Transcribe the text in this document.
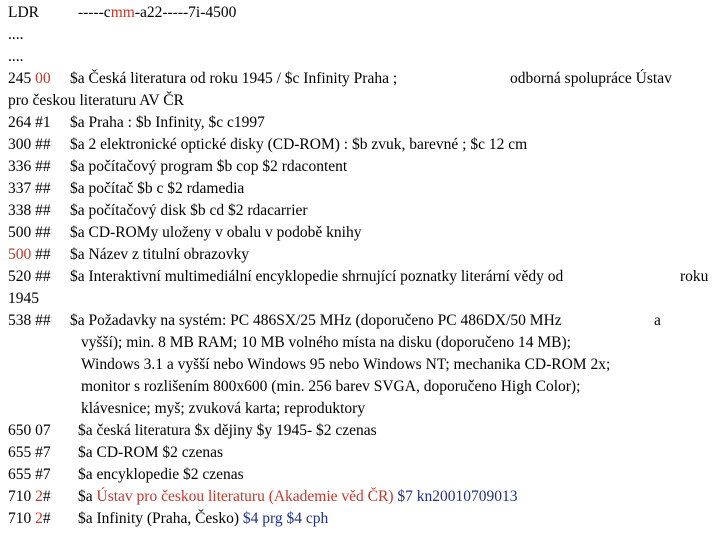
LDR	-----cmm-a22-----7i-4500
....
....
245 00 $a Česká literatura od roku 1945 / $c Infinity Praha ;	odborná spolupráce Ústav
pro českou literaturu AV ČR
264 #1 $a Praha : $b Infinity, $c c1997
300 ## $a 2 elektronické optické disky (CD-ROM) : $b zvuk, barevné ; $c 12 cm
336 ## $a počítačový program $b cop $2 rdacontent
337 ## $a počítač $b c $2 rdamedia
338 ## $a počítačový disk $b cd $2 rdacarrier
500 ## $a CD-ROMy uloženy v obalu v podobě knihy
500 ## $a Název z titulní obrazovky
520 ## $a Interaktivní multimediální encyklopedie shrnující poznatky literární vědy od	roku
1945
538 ## $a Požadavky na systém: PC 486SX/25 MHz (doporučeno PC 486DX/50 MHz	a
vyšší); min. 8 MB RAM; 10 MB volného místa na disku (doporučeno 14 MB);
Windows 3.1 a vyšší nebo Windows 95 nebo Windows NT; mechanika CD-ROM 2x;
monitor s rozlišením 800x600 (min. 256 barev SVGA, doporučeno High Color);
klávesnice; myš; zvuková karta; reproduktory
650 07 $a česká literatura $x dějiny $y 1945- $2 czenas
655 #7 $a CD-ROM $2 czenas
655 #7 $a encyklopedie $2 czenas
710 2# $a Ústav pro českou literaturu (Akademie věd ČR) $7 kn20010709013
710 2# $a Infinity (Praha, Česko) $4 prg $4 cph
